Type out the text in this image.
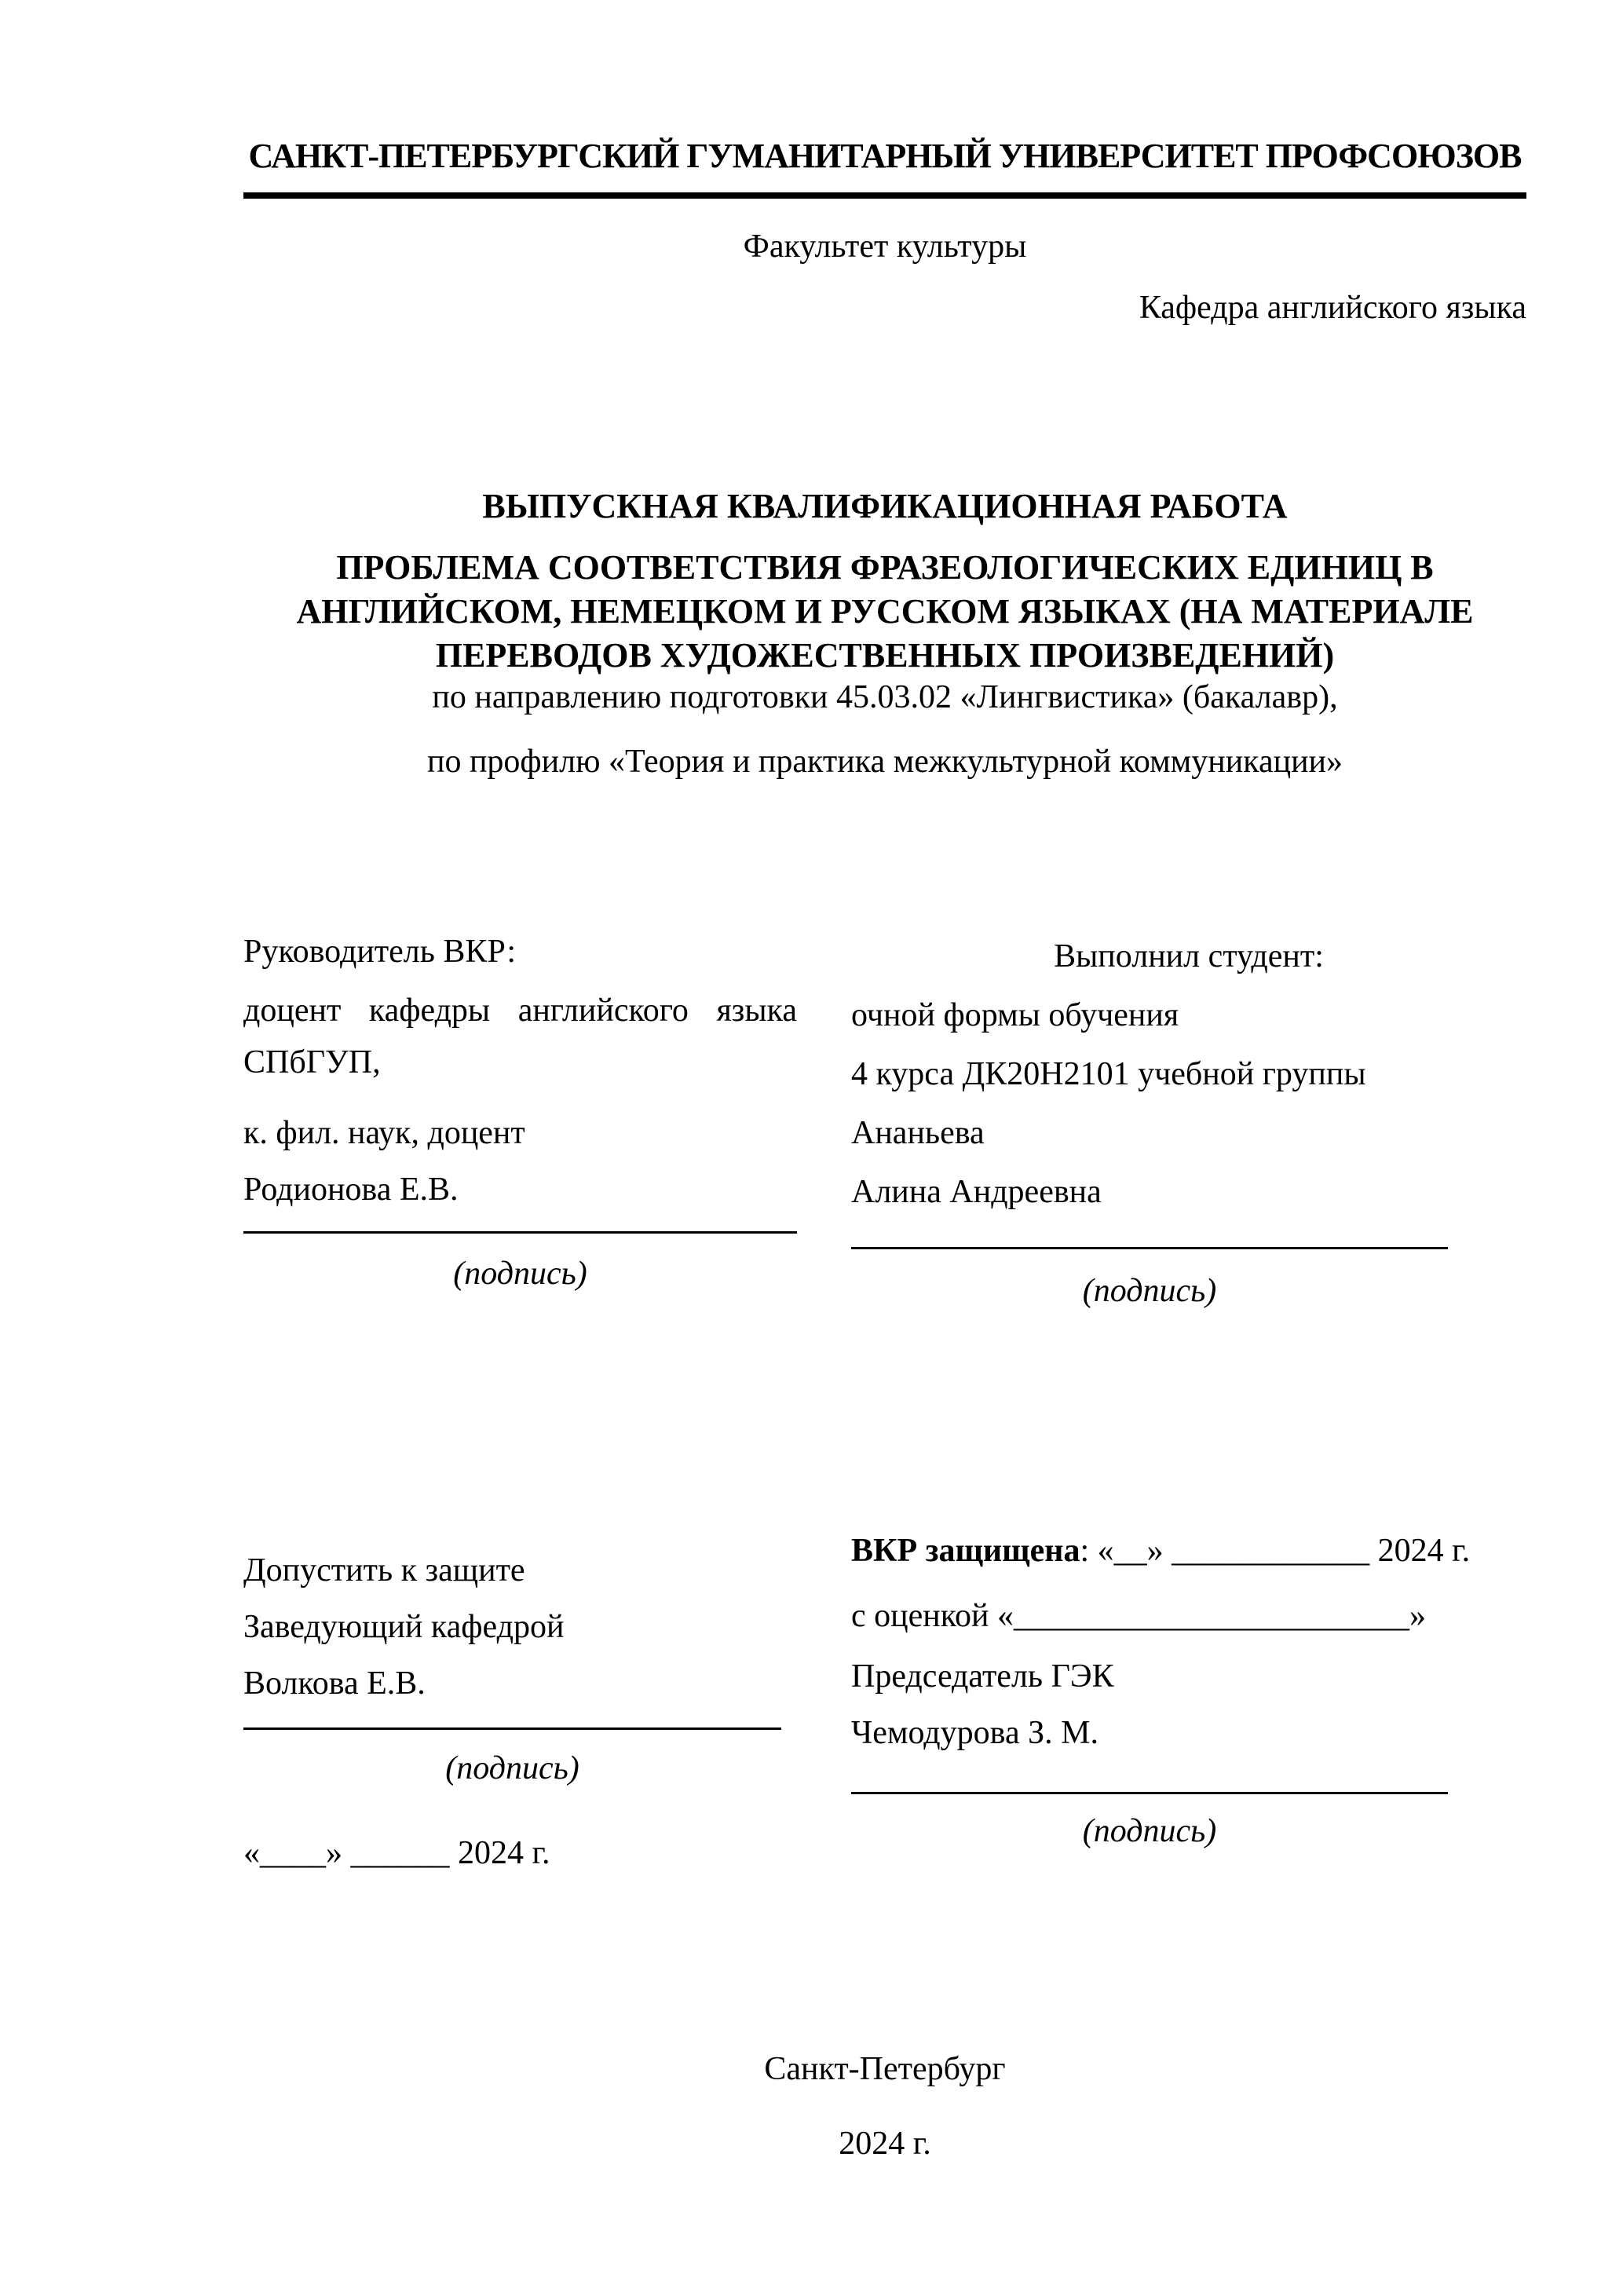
САНКТ-ПЕТЕРБУРГСКИЙ ГУМАНИТАРНЫЙ УНИВЕРСИТЕТ ПРОФСОЮЗОВ

Факультет культуры

Кафедра английского языка

ВЫПУСКНАЯ КВАЛИФИКАЦИОННАЯ РАБОТА
ПРОБЛЕМА СООТВЕТСТВИЯ ФРАЗЕОЛОГИЧЕСКИХ ЕДИНИЦ В
АНГЛИЙСКОМ, НЕМЕЦКОМ И РУССКОМ ЯЗЫКАХ (НА МАТЕРИАЛЕ
ПЕРЕВОДОВ ХУДОЖЕСТВЕННЫХ ПРОИЗВЕДЕНИЙ)

по направлению подготовки 45.03.02 «Лингвистика» (бакалавр),

по профилю «Теория и практика межкультурной коммуникации»

Руководитель ВКР:

доцент кафедры английского языка

СПбГУП,

к. фил. наук, доцент

Родионова Е.В.

(подпись)

Выполнил студент:

очной формы обучения

4 курса ДК20Н2101 учебной группы

Ананьева

Алина Андреевна

(подпись)

Допустить к защите

Заведующий кафедрой

Волкова Е.В.

(подпись)

«____» ______ 2024 г.

ВКР защищена: «__» ____________ 2024 г.

с оценкой «________________________»

Председатель ГЭК

Чемодурова З. М.

(подпись)

Санкт-Петербург

2024 г.
